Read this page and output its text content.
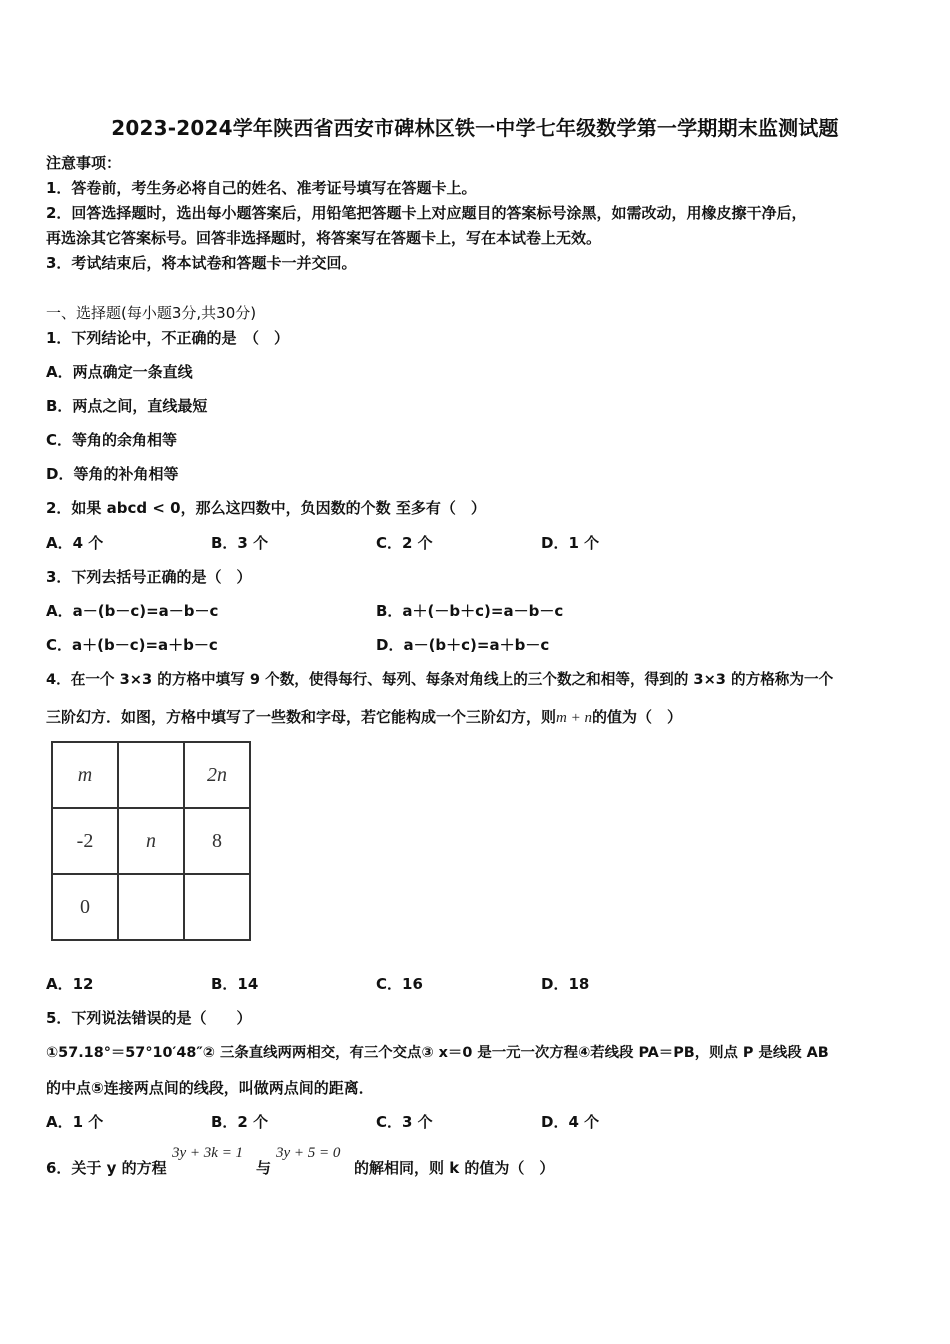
2023-2024学年陕西省西安市碑林区铁一中学七年级数学第一学期期末监测试题
注意事项：
1．答卷前，考生务必将自己的姓名、准考证号填写在答题卡上。
2．回答选择题时，选出每小题答案后，用铅笔把答题卡上对应题目的答案标号涂黑，如需改动，用橡皮擦干净后，
再选涂其它答案标号。回答非选择题时，将答案写在答题卡上，写在本试卷上无效。
3．考试结束后，将本试卷和答题卡一并交回。
一、选择题(每小题3分,共30分)
1．下列结论中，不正确的是　（　）
A．两点确定一条直线
B．两点之间，直线最短
C．等角的余角相等
D．等角的补角相等
2．如果 abcd < 0，那么这四数中，负因数的个数 至多有（　）
A．4 个	B．3 个	C．2 个	D．1 个
3．下列去括号正确的是（　）
A．a－(b－c)=a－b－c	B．a＋(－b＋c)=a－b－c
C．a＋(b－c)=a＋b－c	D．a－(b＋c)=a＋b－c
4．在一个 3×3 的方格中填写 9 个数，使得每行、每列、每条对角线上的三个数之和相等，得到的 3×3 的方格称为一个
三阶幻方．如图，方格中填写了一些数和字母，若它能构成一个三阶幻方，则m + n的值为（　）
m		2n
-2	n	8
0		
A．12	B．14	C．16	D．18
5．下列说法错误的是（　　）
①57.18°＝57°10′48″② 三条直线两两相交，有三个交点③ x＝0 是一元一次方程④若线段 PA＝PB，则点 P 是线段 AB
的中点⑤连接两点间的线段，叫做两点间的距离．
A．1 个	B．2 个	C．3 个	D．4 个
6．关于 y 的方程
3y + 3k = 1
与
3y + 5 = 0
的解相同，则 k 的值为（　）
